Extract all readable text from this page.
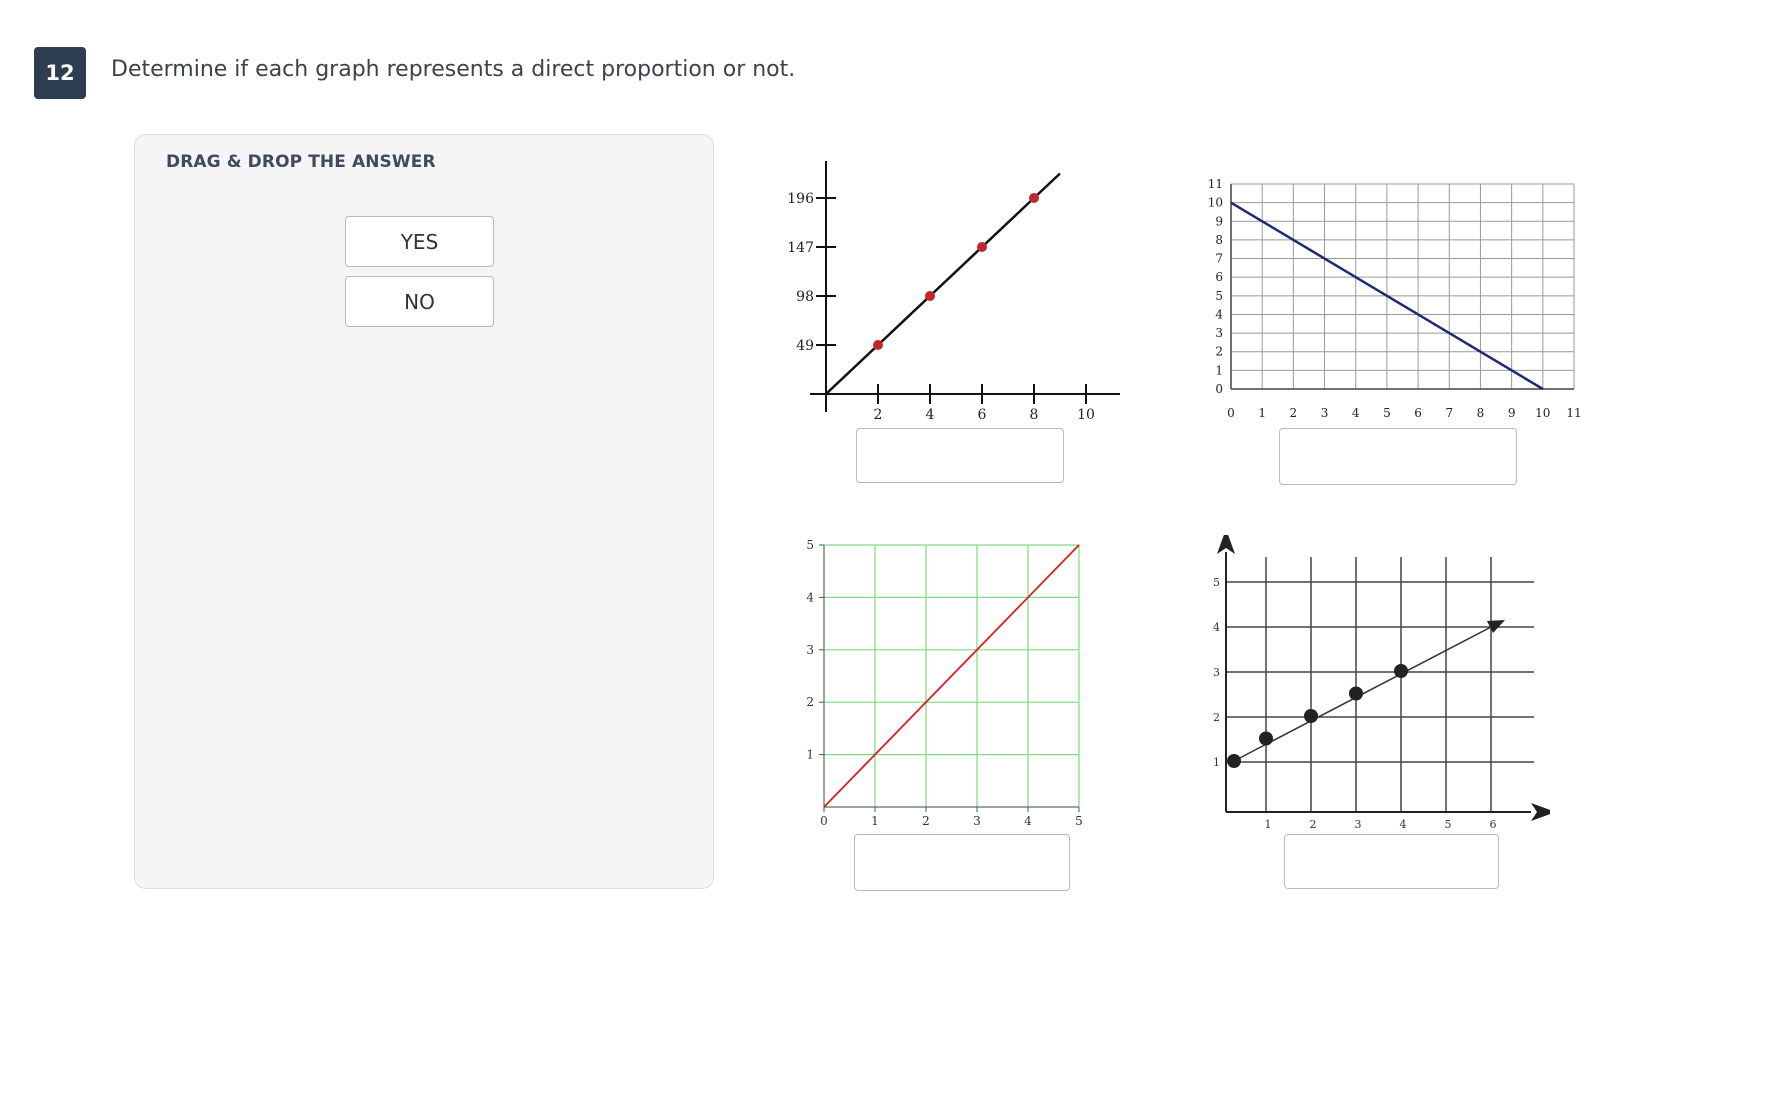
12	Determine if each graph represents a direct proportion or not.
DRAG & DROP THE ANSWER
YES
NO
2	4	6	8	10
49
98
147
196
0 1 2 3 4 5 6 7 8 9 10 11
0
1
2
3
4
5
6
7
8
9
10
11
0	1	2	3	4	5
1
2
3
4
5
1	2	3	4	5	6
1
2
3
4
5
